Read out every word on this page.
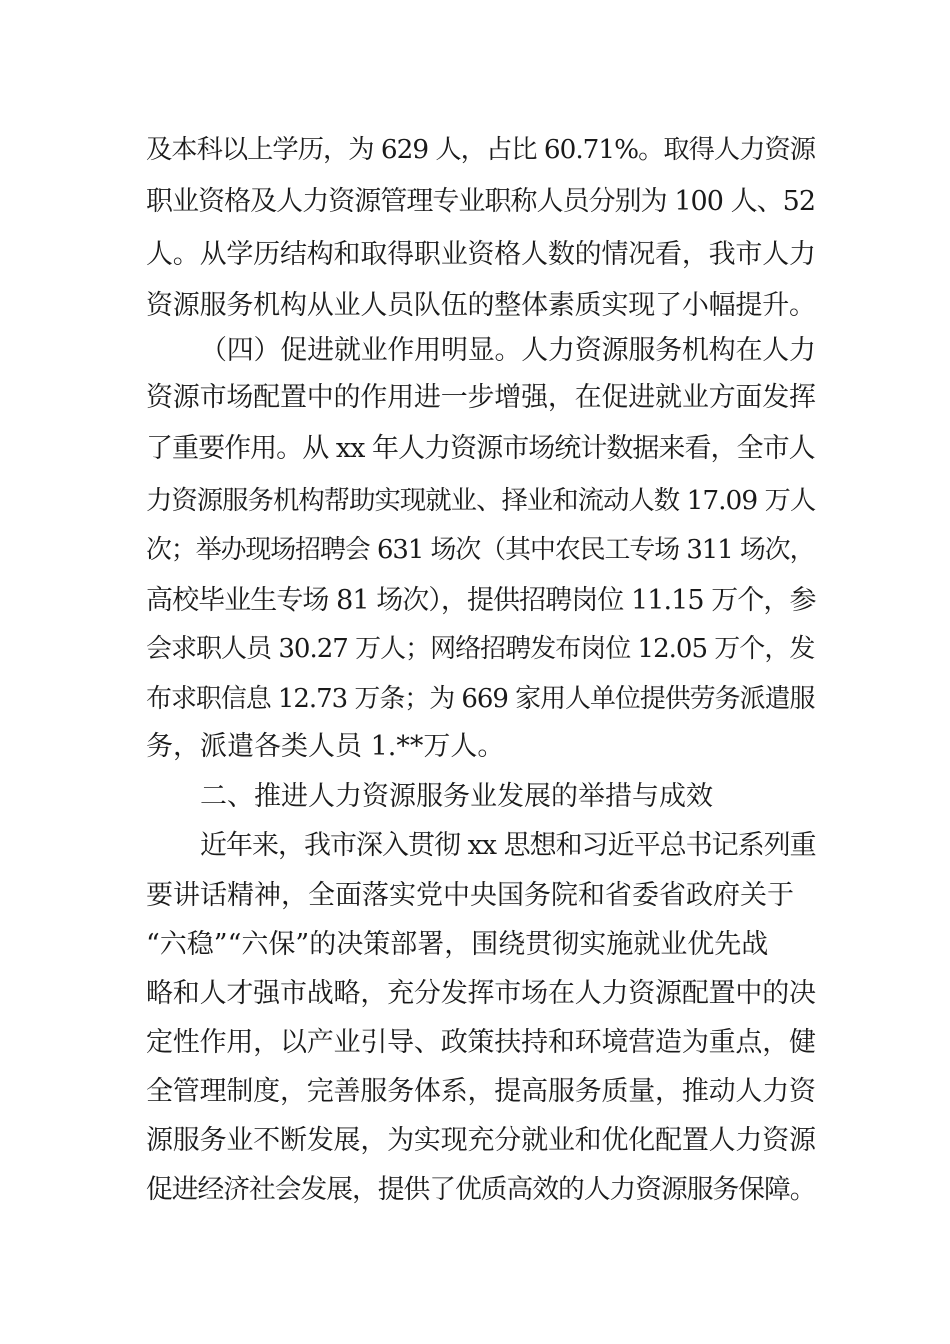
及本科以上学历，为 629 人，占比 60.71%。取得人力资源
职业资格及人力资源管理专业职称人员分别为 100 人、52
人。从学历结构和取得职业资格人数的情况看，我市人力
资源服务机构从业人员队伍的整体素质实现了小幅提升。
（四）促进就业作用明显。人力资源服务机构在人力
资源市场配置中的作用进一步增强，在促进就业方面发挥
了重要作用。从 xx 年人力资源市场统计数据来看，全市人
力资源服务机构帮助实现就业、择业和流动人数 17.09 万人
次；举办现场招聘会 631 场次（其中农民工专场 311 场次，
高校毕业生专场 81 场次），提供招聘岗位 11.15 万个，参
会求职人员 30.27 万人；网络招聘发布岗位 12.05 万个，发
布求职信息 12.73 万条；为 669 家用人单位提供劳务派遣服
务，派遣各类人员 1.**万人。
二、推进人力资源服务业发展的举措与成效
近年来，我市深入贯彻 xx 思想和习近平总书记系列重
要讲话精神，全面落实党中央国务院和省委省政府关于
“六稳”“六保”的决策部署，围绕贯彻实施就业优先战
略和人才强市战略，充分发挥市场在人力资源配置中的决
定性作用，以产业引导、政策扶持和环境营造为重点，健
全管理制度，完善服务体系，提高服务质量，推动人力资
源服务业不断发展，为实现充分就业和优化配置人力资源
促进经济社会发展，提供了优质高效的人力资源服务保障。
